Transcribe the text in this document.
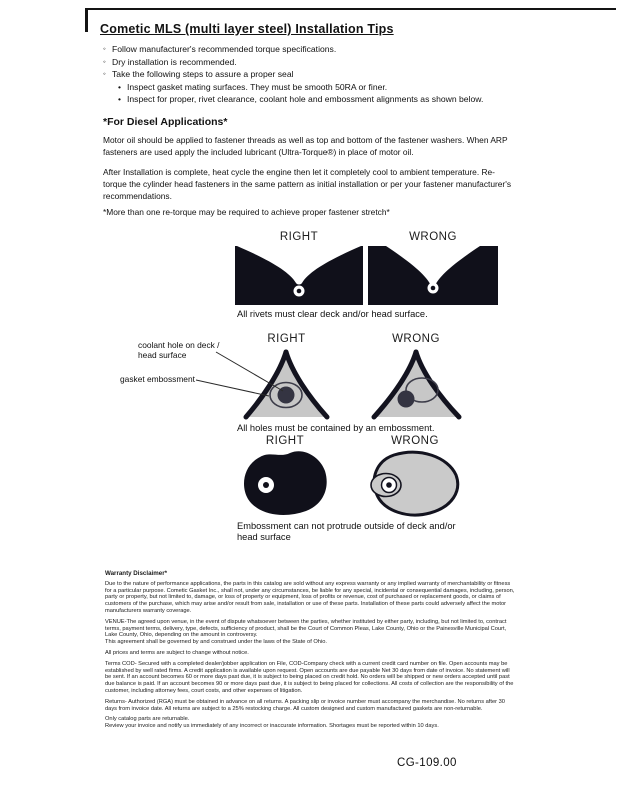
Cometic MLS (multi layer steel) Installation Tips
◦ Follow manufacturer's recommended torque specifications.
◦ Dry installation is recommended.
◦ Take the following steps to assure a proper seal
• Inspect gasket mating surfaces. They must be smooth 50RA or finer.
• Inspect for proper, rivet clearance, coolant hole and embossment alignments as shown below.
*For Diesel Applications*
Motor oil should be applied to fastener threads as well as top and bottom of the fastener washers. When ARP fasteners are used apply the included lubricant (Ultra-Torque®) in place of motor oil.
After Installation is complete, heat cycle the engine then let it completely cool to ambient temperature. Re-torque the cylinder head fasteners in the same pattern as initial installation or per your fastener manufacturer's recommendations.
*More than one re-torque may be required to achieve proper fastener stretch*
RIGHT	WRONG
All rivets must clear deck and/or head surface.
RIGHT	WRONG
coolant hole on deck / head surface
gasket embossment
All holes must be contained by an embossment.
RIGHT	WRONG
Embossment can not protrude outside of deck and/or head surface
Warranty Disclaimer*

Due to the nature of performance applications, the parts in this catalog are sold without any express warranty or any implied warranty of merchantability or fitness for a particular purpose. Cometic Gasket Inc., shall not, under any circumstances, be liable for any special, incidental or consequential damages, including, person, party or property, but not limited to, damage, or loss of property or equipment, loss of profits or revenue, cost of purchased or replacement goods, or claims of customers of the purchase, which may arise and/or result from sale, installation or use of these parts. Installation of these parts could adversely affect the motor manufacturers warranty coverage.

VENUE-The agreed upon venue, in the event of dispute whatsoever between the parties, whether instituted by either party, including, but not limited to, contract terms, payment terms, delivery, type, defects, sufficiency of product, shall be the Court of Common Pleas, Lake County, Ohio or the Painesville Municipal Court, Lake County, Ohio, depending on the amount in controversy.

This agreement shall be governed by and construed under the laws of the State of Ohio.

All prices and terms are subject to change without notice.

Terms COD- Secured with a completed dealer/jobber application on File, COD-Company check with a current credit card number on file. Open accounts may be established by well rated firms. A credit application is available upon request. Open accounts are due payable Net 30 days from date of invoice. No statement will be sent. If an account becomes 60 or more days past due, it is subject to being placed on credit hold. No orders will be shipped or new orders accepted until past due balance is paid. If an account becomes 90 or more days past due, it is subject to being placed for collections. All costs of collection are the responsibility of the customer, including attorney fees, court costs, and other expenses of litigation.

Returns- Authorized (RGA) must be obtained in advance on all returns. A packing slip or invoice number must accompany the merchandise. No returns after 30 days from invoice date. All returns are subject to a 25% restocking charge. All custom designed and custom manufactured gaskets are non-returnable.

Only catalog parts are returnable.

Review your invoice and notify us immediately of any incorrect or inaccurate information. Shortages must be reported within 10 days.

CG-109.00
